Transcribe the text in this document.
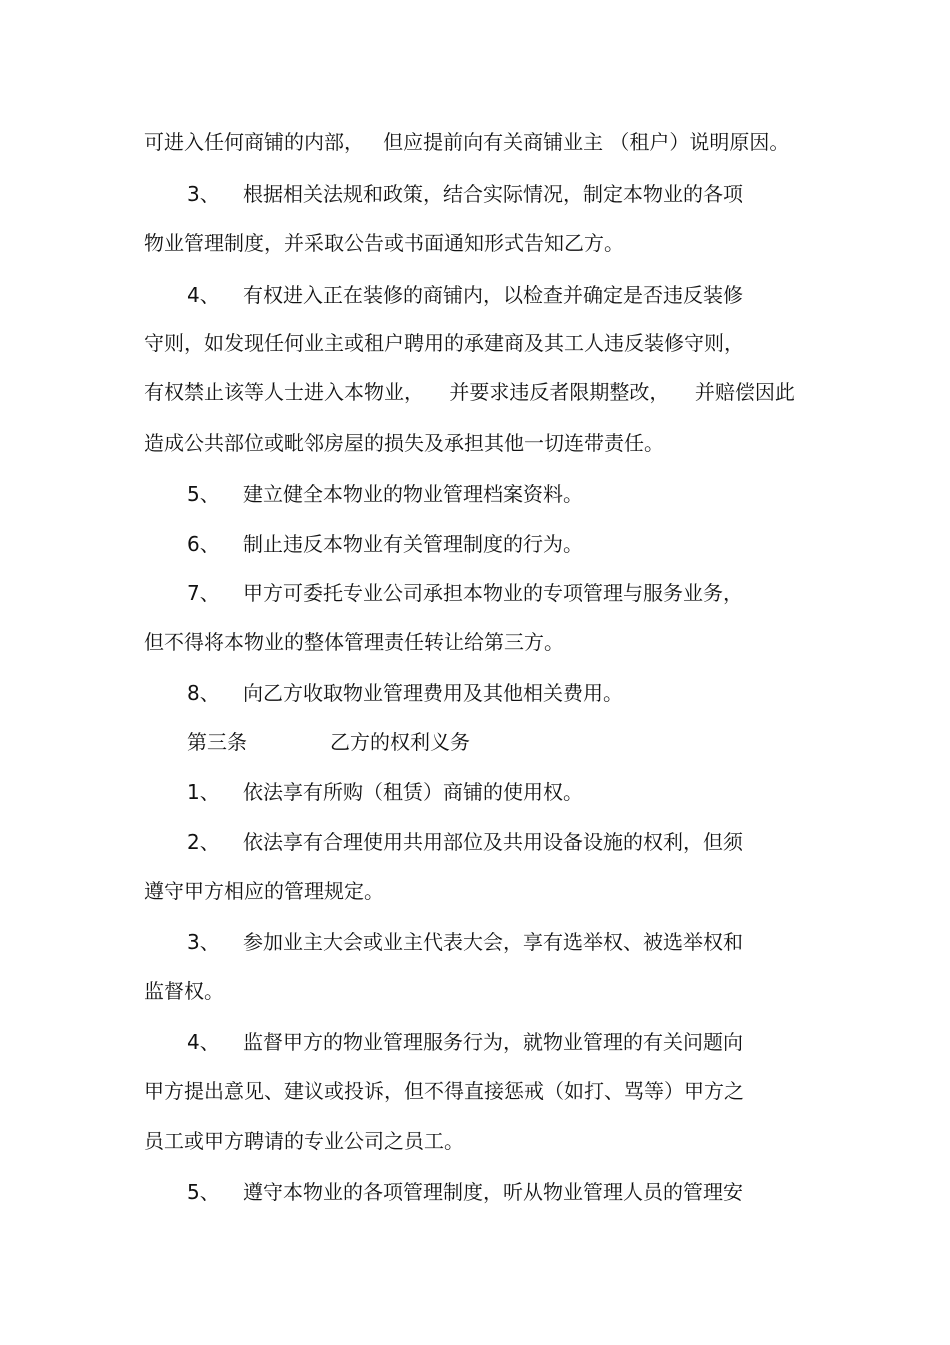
可进入任何商铺的内部，   但应提前向有关商铺业主 （租户）说明原因。
3、 根据相关法规和政策，结合实际情况，制定本物业的各项
物业管理制度，并采取公告或书面通知形式告知乙方。
4、 有权进入正在装修的商铺内，以检查并确定是否违反装修
守则，如发现任何业主或租户聘用的承建商及其工人违反装修守则，
有权禁止该等人士进入本物业，    并要求违反者限期整改，    并赔偿因此
造成公共部位或毗邻房屋的损失及承担其他一切连带责任。
5、 建立健全本物业的物业管理档案资料。
6、 制止违反本物业有关管理制度的行为。
7、 甲方可委托专业公司承担本物业的专项管理与服务业务，
但不得将本物业的整体管理责任转让给第三方。
8、 向乙方收取物业管理费用及其他相关费用。
第三条	乙方的权利义务
1、 依法享有所购（租赁）商铺的使用权。
2、 依法享有合理使用共用部位及共用设备设施的权利，但须
遵守甲方相应的管理规定。
3、 参加业主大会或业主代表大会，享有选举权、被选举权和
监督权。
4、 监督甲方的物业管理服务行为，就物业管理的有关问题向
甲方提出意见、建议或投诉，但不得直接惩戒（如打、骂等）甲方之
员工或甲方聘请的专业公司之员工。
5、 遵守本物业的各项管理制度，听从物业管理人员的管理安
